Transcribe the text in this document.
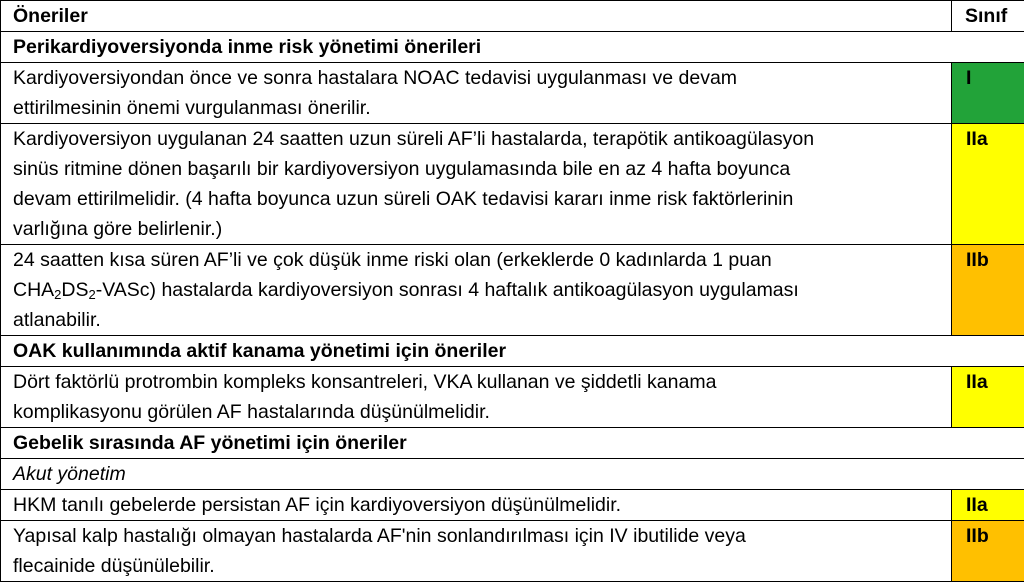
Öneriler	Sınıf
Perikardiyoversiyonda inme risk yönetimi önerileri	
Kardiyoversiyondan önce ve sonra hastalara NOAC tedavisi uygulanması ve devam
ettirilmesinin önemi vurgulanması önerilir.	I
Kardiyoversiyon uygulanan 24 saatten uzun süreli AF’li hastalarda, terapötik antikoagülasyon
sinüs ritmine dönen başarılı bir kardiyoversiyon uygulamasında bile en az 4 hafta boyunca
devam ettirilmelidir. (4 hafta boyunca uzun süreli OAK tedavisi kararı inme risk faktörlerinin
varlığına göre belirlenir.)	IIa
24 saatten kısa süren AF’li ve çok düşük inme riski olan (erkeklerde 0 kadınlarda 1 puan
$CHA_2DS_2-VASc$) hastalarda kardiyoversiyon sonrası 4 haftalık antikoagülasyon uygulaması
atlanabilir.	IIb
OAK kullanımında aktif kanama yönetimi için öneriler	
Dört faktörlü protrombin kompleks konsantreleri, VKA kullanan ve şiddetli kanama
komplikasyonu görülen AF hastalarında düşünülmelidir.	IIa
Gebelik sırasında AF yönetimi için öneriler	
Akut yönetim	
HKM tanılı gebelerde persistan AF için kardiyoversiyon düşünülmelidir.	IIa
Yapısal kalp hastalığı olmayan hastalarda AF'nin sonlandırılması için IV ibutilide veya
flecainide düşünülebilir.	IIb
